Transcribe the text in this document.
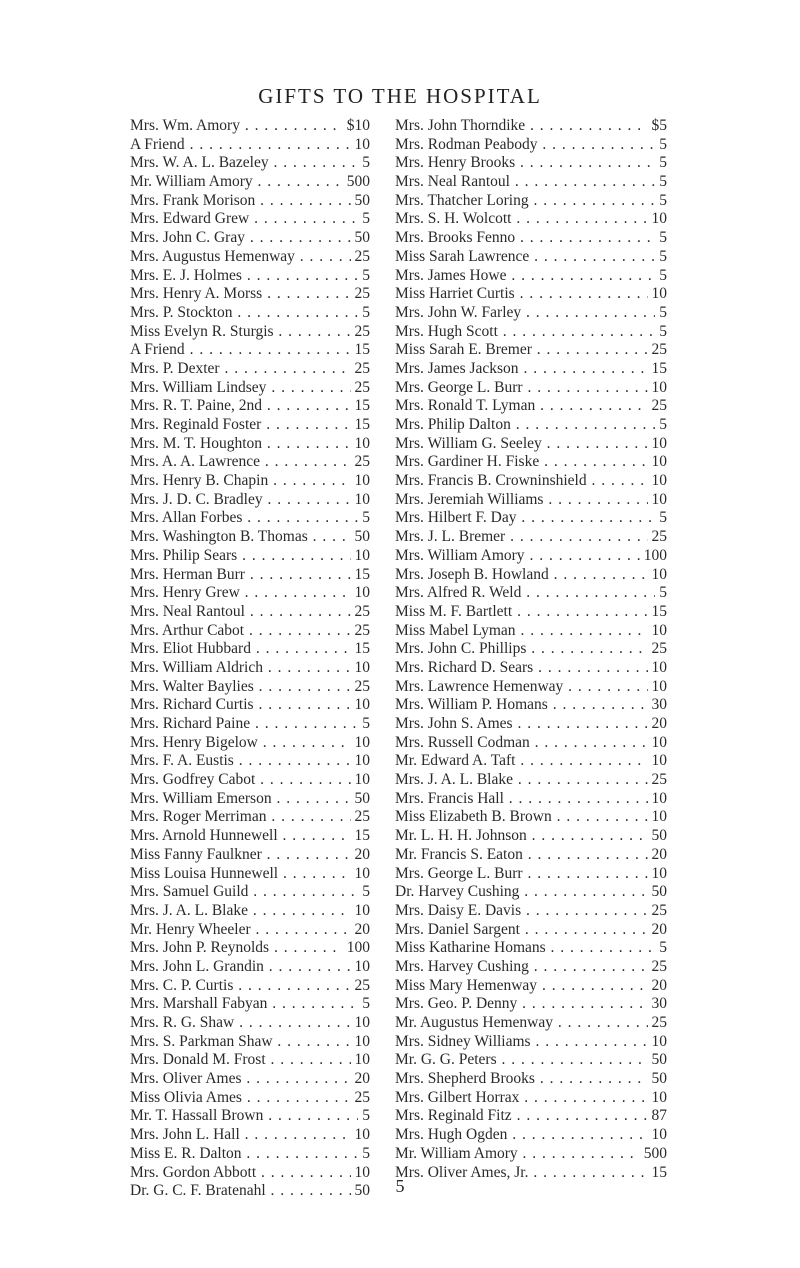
GIFTS TO THE HOSPITAL
Mrs. Wm. Amory . . .	$10
A Friend . . .	10
Mrs. W. A. L. Bazeley . . .	5
Mr. William Amory . . .	500
Mrs. Frank Morison . . .	50
Mrs. Edward Grew . . .	5
Mrs. John C. Gray . . .	50
Mrs. Augustus Hemenway . . .	25
Mrs. E. J. Holmes . . .	5
Mrs. Henry A. Morss . . .	25
Mrs. P. Stockton . . .	5
Miss Evelyn R. Sturgis . . .	25
A Friend . . .	15
Mrs. P. Dexter . . .	25
Mrs. William Lindsey . . .	25
Mrs. R. T. Paine, 2nd . . .	15
Mrs. Reginald Foster . . .	15
Mrs. M. T. Houghton . . .	10
Mrs. A. A. Lawrence . . .	25
Mrs. Henry B. Chapin . . .	10
Mrs. J. D. C. Bradley . . .	10
Mrs. Allan Forbes . . .	5
Mrs. Washington B. Thomas . . .	50
Mrs. Philip Sears . . .	10
Mrs. Herman Burr . . .	15
Mrs. Henry Grew . . .	10
Mrs. Neal Rantoul . . .	25
Mrs. Arthur Cabot . . .	25
Mrs. Eliot Hubbard . . .	15
Mrs. William Aldrich . . .	10
Mrs. Walter Baylies . . .	25
Mrs. Richard Curtis . . .	10
Mrs. Richard Paine . . .	5
Mrs. Henry Bigelow . . .	10
Mrs. F. A. Eustis . . .	10
Mrs. Godfrey Cabot . . .	10
Mrs. William Emerson . . .	50
Mrs. Roger Merriman . . .	25
Mrs. Arnold Hunnewell . . .	15
Miss Fanny Faulkner . . .	20
Miss Louisa Hunnewell . . .	10
Mrs. Samuel Guild . . .	5
Mrs. J. A. L. Blake . . .	10
Mr. Henry Wheeler . . .	20
Mrs. John P. Reynolds . . .	100
Mrs. John L. Grandin . . .	10
Mrs. C. P. Curtis . . .	25
Mrs. Marshall Fabyan . . .	5
Mrs. R. G. Shaw . . .	10
Mrs. S. Parkman Shaw . . .	10
Mrs. Donald M. Frost . . .	10
Mrs. Oliver Ames . . .	20
Miss Olivia Ames . . .	25
Mr. T. Hassall Brown . . .	5
Mrs. John L. Hall . . .	10
Miss E. R. Dalton . . .	5
Mrs. Gordon Abbott . . .	10
Dr. G. C. F. Bratenahl . . .	50
Mrs. John Thorndike . . .	$5
Mrs. Rodman Peabody . . .	5
Mrs. Henry Brooks . . .	5
Mrs. Neal Rantoul . . .	5
Mrs. Thatcher Loring . . .	5
Mrs. S. H. Wolcott . . .	10
Mrs. Brooks Fenno . . .	5
Miss Sarah Lawrence . . .	5
Mrs. James Howe . . .	5
Miss Harriet Curtis . . .	10
Mrs. John W. Farley . . .	5
Mrs. Hugh Scott . . .	5
Miss Sarah E. Bremer . . .	25
Mrs. James Jackson . . .	15
Mrs. George L. Burr . . .	10
Mrs. Ronald T. Lyman . . .	25
Mrs. Philip Dalton . . .	5
Mrs. William G. Seeley . . .	10
Mrs. Gardiner H. Fiske . . .	10
Mrs. Francis B. Crowninshield . . .	10
Mrs. Jeremiah Williams . . .	10
Mrs. Hilbert F. Day . . .	5
Mrs. J. L. Bremer . . .	25
Mrs. William Amory . . .	100
Mrs. Joseph B. Howland . . .	10
Mrs. Alfred R. Weld . . .	5
Miss M. F. Bartlett . . .	15
Miss Mabel Lyman . . .	10
Mrs. John C. Phillips . . .	25
Mrs. Richard D. Sears . . .	10
Mrs. Lawrence Hemenway . . .	10
Mrs. William P. Homans . . .	30
Mrs. John S. Ames . . .	20
Mrs. Russell Codman . . .	10
Mr. Edward A. Taft . . .	10
Mrs. J. A. L. Blake . . .	25
Mrs. Francis Hall . . .	10
Miss Elizabeth B. Brown . . .	10
Mr. L. H. H. Johnson . . .	50
Mr. Francis S. Eaton . . .	20
Mrs. George L. Burr . . .	10
Dr. Harvey Cushing . . .	50
Mrs. Daisy E. Davis . . .	25
Mrs. Daniel Sargent . . .	20
Miss Katharine Homans . . .	5
Mrs. Harvey Cushing . . .	25
Miss Mary Hemenway . . .	20
Mrs. Geo. P. Denny . . .	30
Mr. Augustus Hemenway . . .	25
Mrs. Sidney Williams . . .	10
Mr. G. G. Peters . . .	50
Mrs. Shepherd Brooks . . .	50
Mrs. Gilbert Horrax . . .	10
Mrs. Reginald Fitz . . .	87
Mrs. Hugh Ogden . . .	10
Mr. William Amory . . .	500
Mrs. Oliver Ames, Jr. . . .	15
5
